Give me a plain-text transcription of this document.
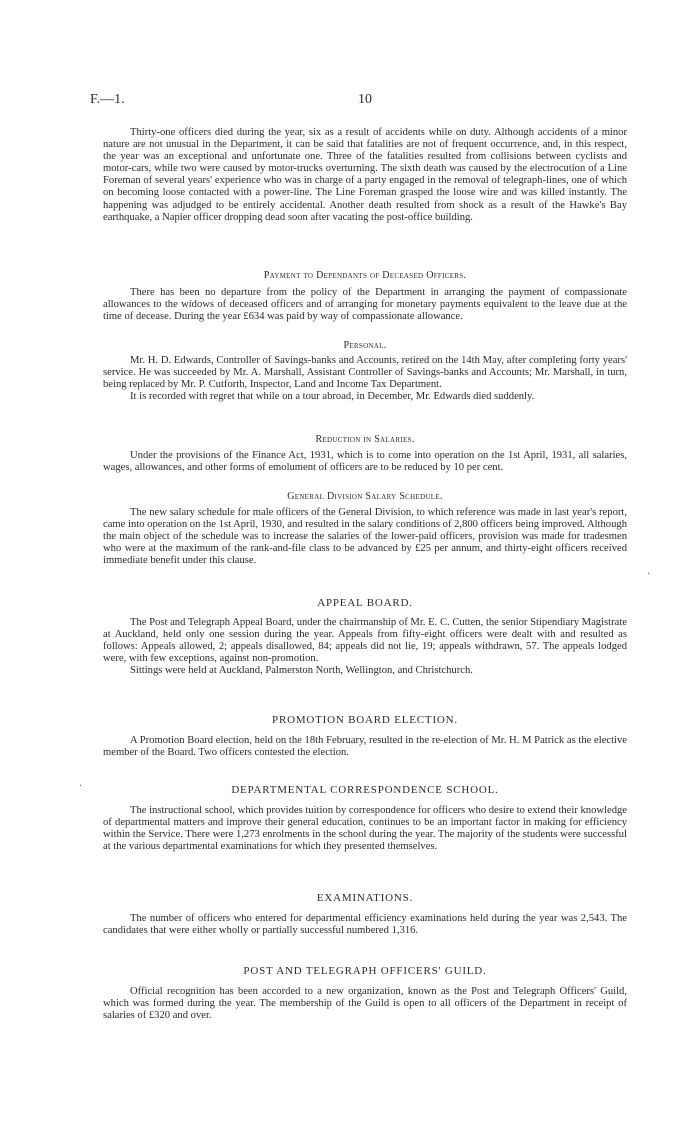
F.—1.	10

Thirty-one officers died during the year, six as a result of accidents while on duty. Although accidents of a minor nature are not unusual in the Department, it can be said that fatalities are not of frequent occurrence, and, in this respect, the year was an exceptional and unfortunate one. Three of the fatalities resulted from collisions between cyclists and motor-cars, while two were caused by motor-trucks overturning. The sixth death was caused by the electrocution of a Line Foreman of several years' experience who was in charge of a party engaged in the removal of telegraph-lines, one of which on becoming loose contacted with a power-line. The Line Foreman grasped the loose wire and was killed instantly. The happening was adjudged to be entirely accidental. Another death resulted from shock as a result of the Hawke's Bay earthquake, a Napier officer dropping dead soon after vacating the post-office building.

Payment to Dependants of Deceased Officers.

There has been no departure from the policy of the Department in arranging the payment of compassionate allowances to the widows of deceased officers and of arranging for monetary payments equivalent to the leave due at the time of decease. During the year £634 was paid by way of compassionate allowance.

Personal.

Mr. H. D. Edwards, Controller of Savings-banks and Accounts, retired on the 14th May, after completing forty years' service. He was succeeded by Mr. A. Marshall, Assistant Controller of Savings-banks and Accounts; Mr. Marshall, in turn, being replaced by Mr. P. Cutforth, Inspector, Land and Income Tax Department.

It is recorded with regret that while on a tour abroad, in December, Mr. Edwards died suddenly.

Reduction in Salaries.

Under the provisions of the Finance Act, 1931, which is to come into operation on the 1st April, 1931, all salaries, wages, allowances, and other forms of emolument of officers are to be reduced by 10 per cent.

General Division Salary Schedule.

The new salary schedule for male officers of the General Division, to which reference was made in last year's report, came into operation on the 1st April, 1930, and resulted in the salary conditions of 2,800 officers being improved. Although the main object of the schedule was to increase the salaries of the lower-paid officers, provision was made for tradesmen who were at the maximum of the rank-and-file class to be advanced by £25 per annum, and thirty-eight officers received immediate benefit under this clause.

·
APPEAL BOARD.

The Post and Telegraph Appeal Board, under the chairmanship of Mr. E. C. Cutten, the senior Stipendiary Magistrate at Auckland, held only one session during the year. Appeals from fifty-eight officers were dealt with and resulted as follows: Appeals allowed, 2; appeals disallowed, 84; appeals did not lie, 19; appeals withdrawn, 57. The appeals lodged were, with few exceptions, against non-promotion.

Sittings were held at Auckland, Palmerston North, Wellington, and Christchurch.

PROMOTION BOARD ELECTION.

A Promotion Board election, held on the 18th February, resulted in the re-election of Mr. H. M Patrick as the elective member of the Board. Two officers contested the election.

·	DEPARTMENTAL CORRESPONDENCE SCHOOL.

The instructional school, which provides tuition by correspondence for officers who desire to extend their knowledge of departmental matters and improve their general education, continues to be an important factor in making for efficiency within the Service. There were 1,273 enrolments in the school during the year. The majority of the students were successful at the various departmental examinations for which they presented themselves.

EXAMINATIONS.

The number of officers who entered for departmental efficiency examinations held during the year was 2,543. The candidates that were either wholly or partially successful numbered 1,316.

POST AND TELEGRAPH OFFICERS' GUILD.

Official recognition has been accorded to a new organization, known as the Post and Telegraph Officers' Guild, which was formed during the year. The membership of the Guild is open to all officers of the Department in receipt of salaries of £320 and over.
